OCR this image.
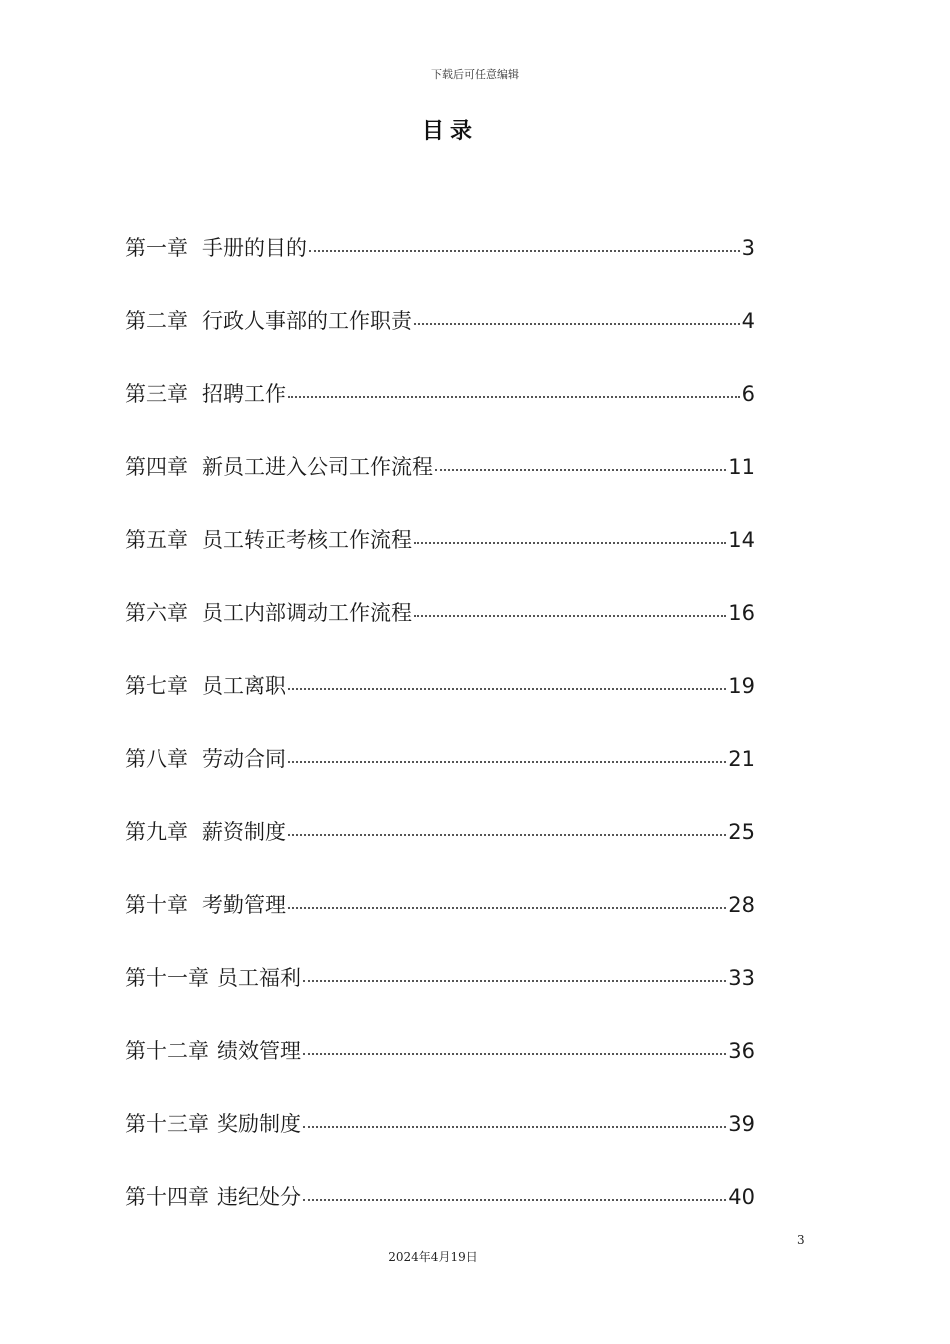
下载后可任意编辑
目录
第一章 手册的目的	3
第二章 行政人事部的工作职责	4
第三章 招聘工作	6
第四章 新员工进入公司工作流程	11
第五章 员工转正考核工作流程	14
第六章 员工内部调动工作流程	16
第七章 员工离职	19
第八章 劳动合同	21
第九章 薪资制度	25
第十章 考勤管理	28
第十一章 员工福利	33
第十二章 绩效管理	36
第十三章 奖励制度	39
第十四章 违纪处分	40
3
2024年4月19日
